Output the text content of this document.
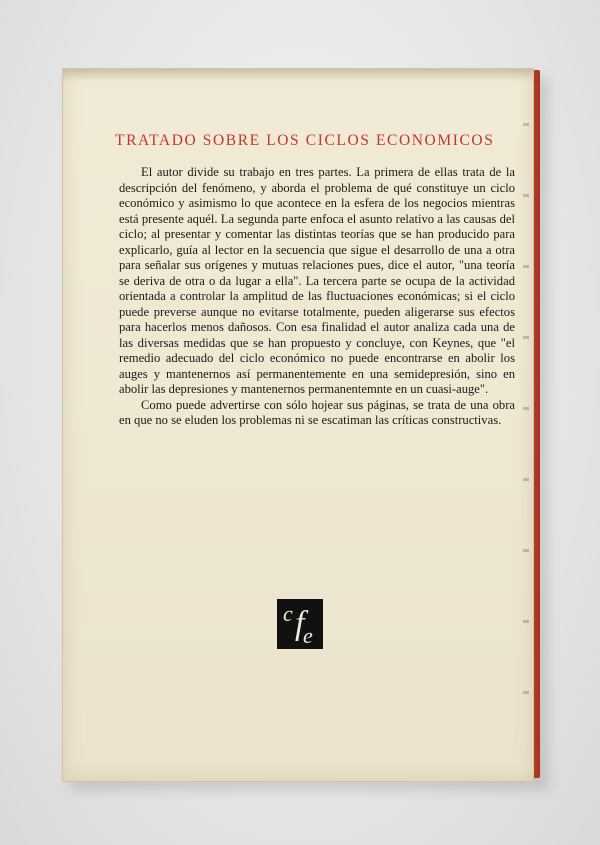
TRATADO SOBRE LOS CICLOS ECONOMICOS

El autor divide su trabajo en tres partes. La primera de ellas trata de la descripción del fenómeno, y aborda el problema de qué constituye un ciclo económico y asimismo lo que acontece en la esfera de los negocios mientras está presente aquél. La segunda parte enfoca el asunto relativo a las causas del ciclo; al presentar y comentar las distintas teorías que se han producido para explicarlo, guía al lector en la secuencia que sigue el desarrollo de una a otra para señalar sus orígenes y mutuas relaciones pues, dice el autor, "una teoría se deriva de otra o da lugar a ella". La tercera parte se ocupa de la actividad orientada a controlar la amplitud de las fluctuaciones económicas; si el ciclo puede preverse aunque no evitarse totalmente, pueden aligerarse sus efectos para hacerlos menos dañosos. Con esa finalidad el autor analiza cada una de las diversas medidas que se han propuesto y concluye, con Keynes, que "el remedio adecuado del ciclo económico no puede encontrarse en abolir los auges y mantenernos así permanentemente en una semidepresión, sino en abolir las depresiones y mantenernos permanentemnte en un cuasi-auge".

Como puede advertirse con sólo hojear sus páginas, se trata de una obra en que no se eluden los problemas ni se escatiman las críticas constructivas.

c f
e
